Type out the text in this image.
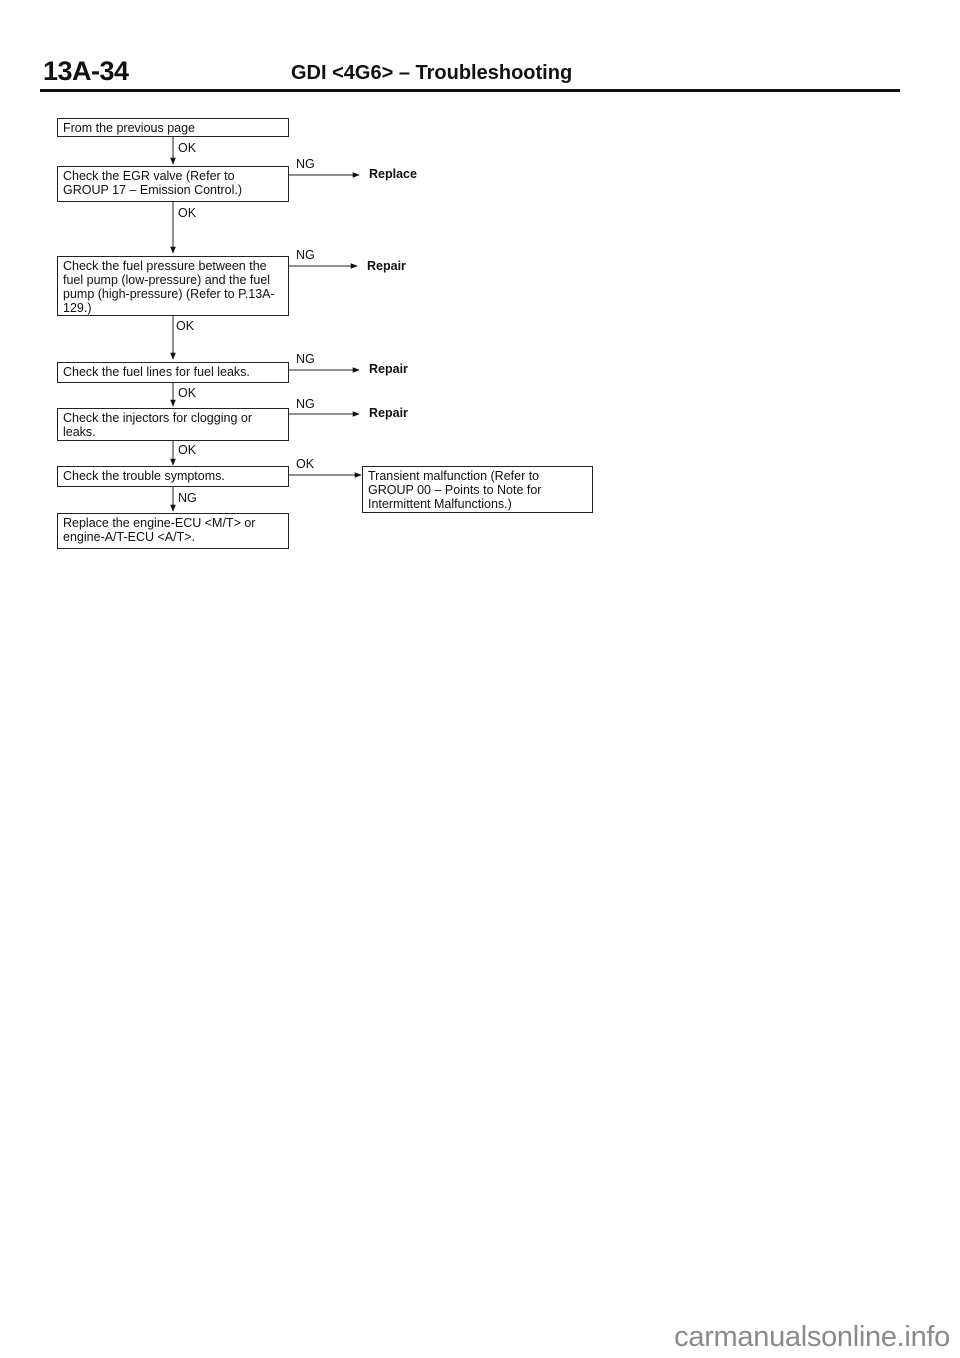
13A-34	GDI <4G6> – Troubleshooting
From the previous page
OK
Check the EGR valve (Refer to GROUP 17 – Emission Control.)
NG
Replace
OK
Check the fuel pressure between the fuel pump (low-pressure) and the fuel pump (high-pressure) (Refer to P.13A-129.)
NG
Repair
OK
Check the fuel lines for fuel leaks.
NG
Repair
OK
Check the injectors for clogging or leaks.
NG
Repair
OK
Check the trouble symptoms.
OK
Transient malfunction (Refer to GROUP 00 – Points to Note for Intermittent Malfunctions.)
NG
Replace the engine-ECU <M/T> or engine-A/T-ECU <A/T>.
carmanualsonline.info
